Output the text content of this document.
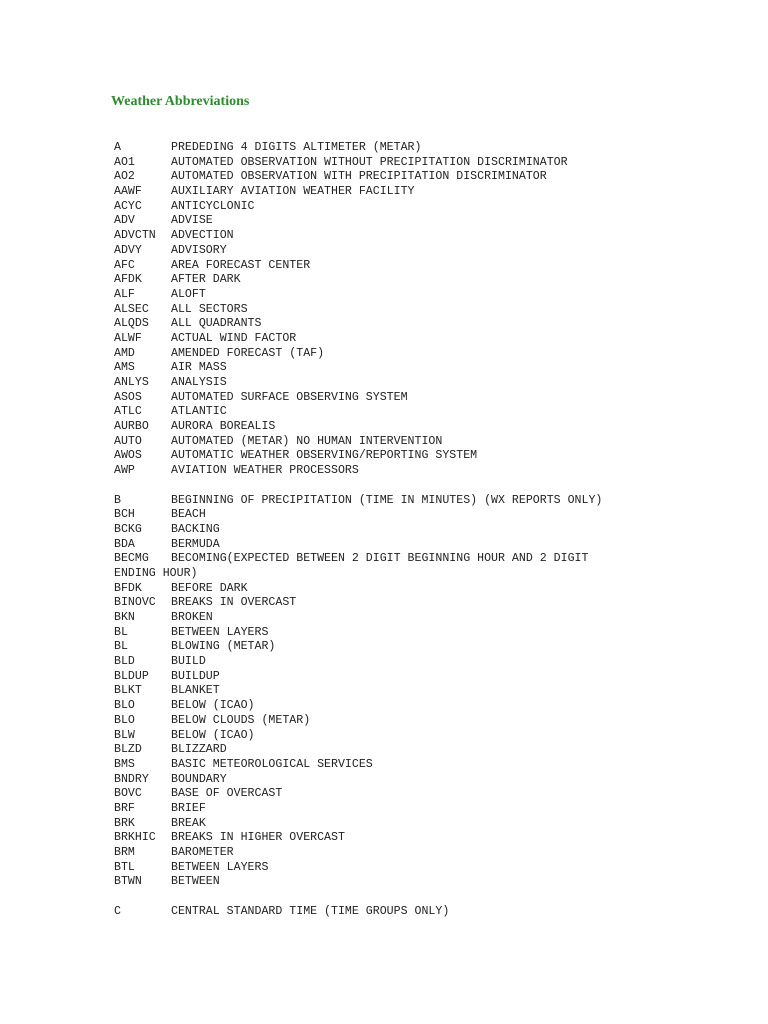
Weather Abbreviations
A	PREDEDING 4 DIGITS ALTIMETER (METAR)
AO1	AUTOMATED OBSERVATION WITHOUT PRECIPITATION DISCRIMINATOR
AO2	AUTOMATED OBSERVATION WITH PRECIPITATION DISCRIMINATOR
AAWF	AUXILIARY AVIATION WEATHER FACILITY
ACYC	ANTICYCLONIC
ADV	ADVISE
ADVCTN	ADVECTION
ADVY	ADVISORY
AFC	AREA FORECAST CENTER
AFDK	AFTER DARK
ALF	ALOFT
ALSEC	ALL SECTORS
ALQDS	ALL QUADRANTS
ALWF	ACTUAL WIND FACTOR
AMD	AMENDED FORECAST (TAF)
AMS	AIR MASS
ANLYS	ANALYSIS
ASOS	AUTOMATED SURFACE OBSERVING SYSTEM
ATLC	ATLANTIC
AURBO	AURORA BOREALIS
AUTO	AUTOMATED (METAR) NO HUMAN INTERVENTION
AWOS	AUTOMATIC WEATHER OBSERVING/REPORTING SYSTEM
AWP	AVIATION WEATHER PROCESSORS
B	BEGINNING OF PRECIPITATION (TIME IN MINUTES) (WX REPORTS ONLY)
BCH	BEACH
BCKG	BACKING
BDA	BERMUDA
BECMG	BECOMING(EXPECTED BETWEEN 2 DIGIT BEGINNING HOUR AND 2 DIGIT
ENDING HOUR)
BFDK	BEFORE DARK
BINOVC	BREAKS IN OVERCAST
BKN	BROKEN
BL	BETWEEN LAYERS
BL	BLOWING (METAR)
BLD	BUILD
BLDUP	BUILDUP
BLKT	BLANKET
BLO	BELOW (ICAO)
BLO	BELOW CLOUDS (METAR)
BLW	BELOW (ICAO)
BLZD	BLIZZARD
BMS	BASIC METEOROLOGICAL SERVICES
BNDRY	BOUNDARY
BOVC	BASE OF OVERCAST
BRF	BRIEF
BRK	BREAK
BRKHIC	BREAKS IN HIGHER OVERCAST
BRM	BAROMETER
BTL	BETWEEN LAYERS
BTWN	BETWEEN
C	CENTRAL STANDARD TIME (TIME GROUPS ONLY)
